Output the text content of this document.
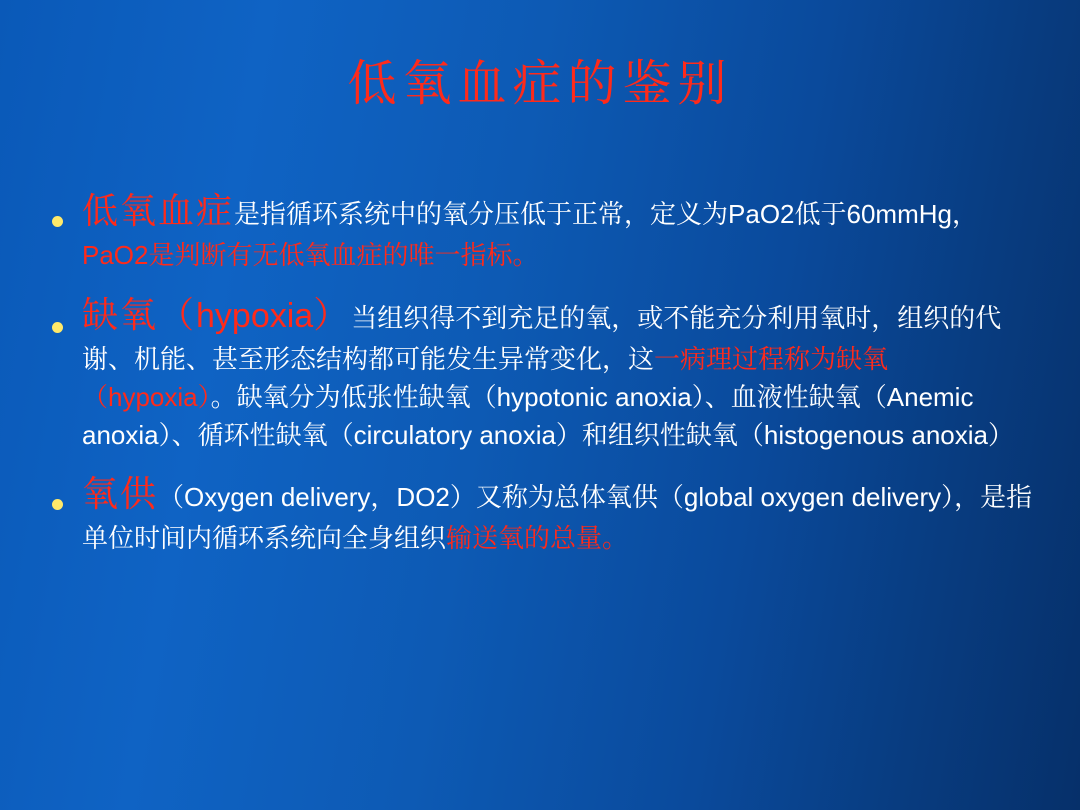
低氧血症的鉴别
低氧血症是指循环系统中的氧分压低于正常，定义为PaO2低于60mmHg，PaO2是判断有无低氧血症的唯一指标。
缺氧（hypoxia）当组织得不到充足的氧，或不能充分利用氧时，组织的代谢、机能、甚至形态结构都可能发生异常变化，这一病理过程称为缺氧（hypoxia）。缺氧分为低张性缺氧（hypotonic anoxia）、血液性缺氧（Anemic anoxia）、循环性缺氧（circulatory anoxia）和组织性缺氧（histogenous anoxia）
氧供（Oxygen delivery，DO2）又称为总体氧供（global oxygen delivery），是指单位时间内循环系统向全身组织输送氧的总量。
